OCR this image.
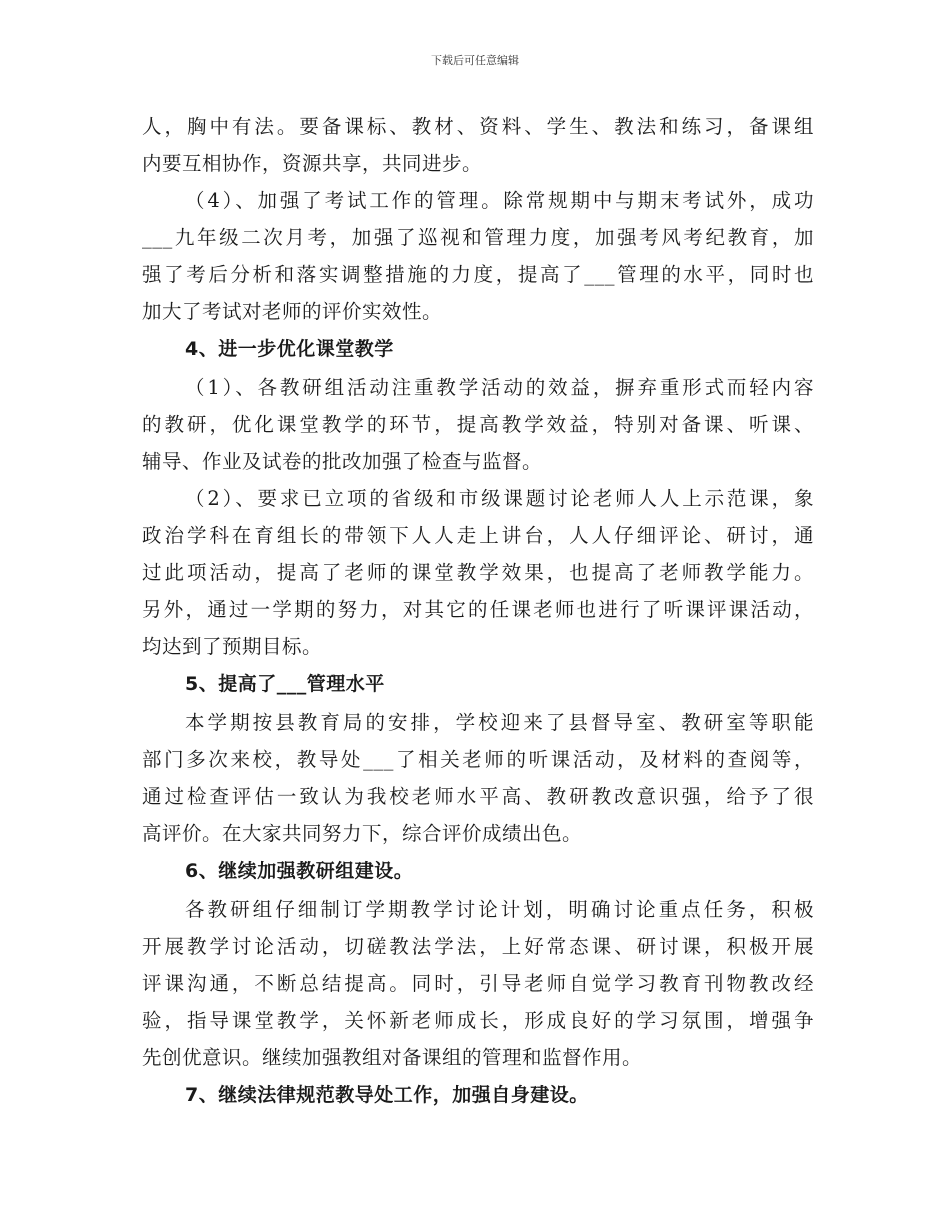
下载后可任意编辑
人，胸中有法。要备课标、教材、资料、学生、教法和练习，备课组
内要互相协作，资源共享，共同进步。
（4）、加强了考试工作的管理。除常规期中与期末考试外，成功
___九年级二次月考，加强了巡视和管理力度，加强考风考纪教育，加
强了考后分析和落实调整措施的力度，提高了___管理的水平，同时也
加大了考试对老师的评价实效性。
4、进一步优化课堂教学
（1）、各教研组活动注重教学活动的效益，摒弃重形式而轻内容
的教研，优化课堂教学的环节，提高教学效益，特别对备课、听课、
辅导、作业及试卷的批改加强了检查与监督。
（2）、要求已立项的省级和市级课题讨论老师人人上示范课，象
政治学科在育组长的带领下人人走上讲台，人人仔细评论、研讨，通
过此项活动，提高了老师的课堂教学效果，也提高了老师教学能力。
另外，通过一学期的努力，对其它的任课老师也进行了听课评课活动，
均达到了预期目标。
5、提高了___管理水平
本学期按县教育局的安排，学校迎来了县督导室、教研室等职能
部门多次来校，教导处___了相关老师的听课活动，及材料的查阅等，
通过检查评估一致认为我校老师水平高、教研教改意识强，给予了很
高评价。在大家共同努力下，综合评价成绩出色。
6、继续加强教研组建设。
各教研组仔细制订学期教学讨论计划，明确讨论重点任务，积极
开展教学讨论活动，切磋教法学法，上好常态课、研讨课，积极开展
评课沟通，不断总结提高。同时，引导老师自觉学习教育刊物教改经
验，指导课堂教学，关怀新老师成长，形成良好的学习氛围，增强争
先创优意识。继续加强教组对备课组的管理和监督作用。
7、继续法律规范教导处工作，加强自身建设。
